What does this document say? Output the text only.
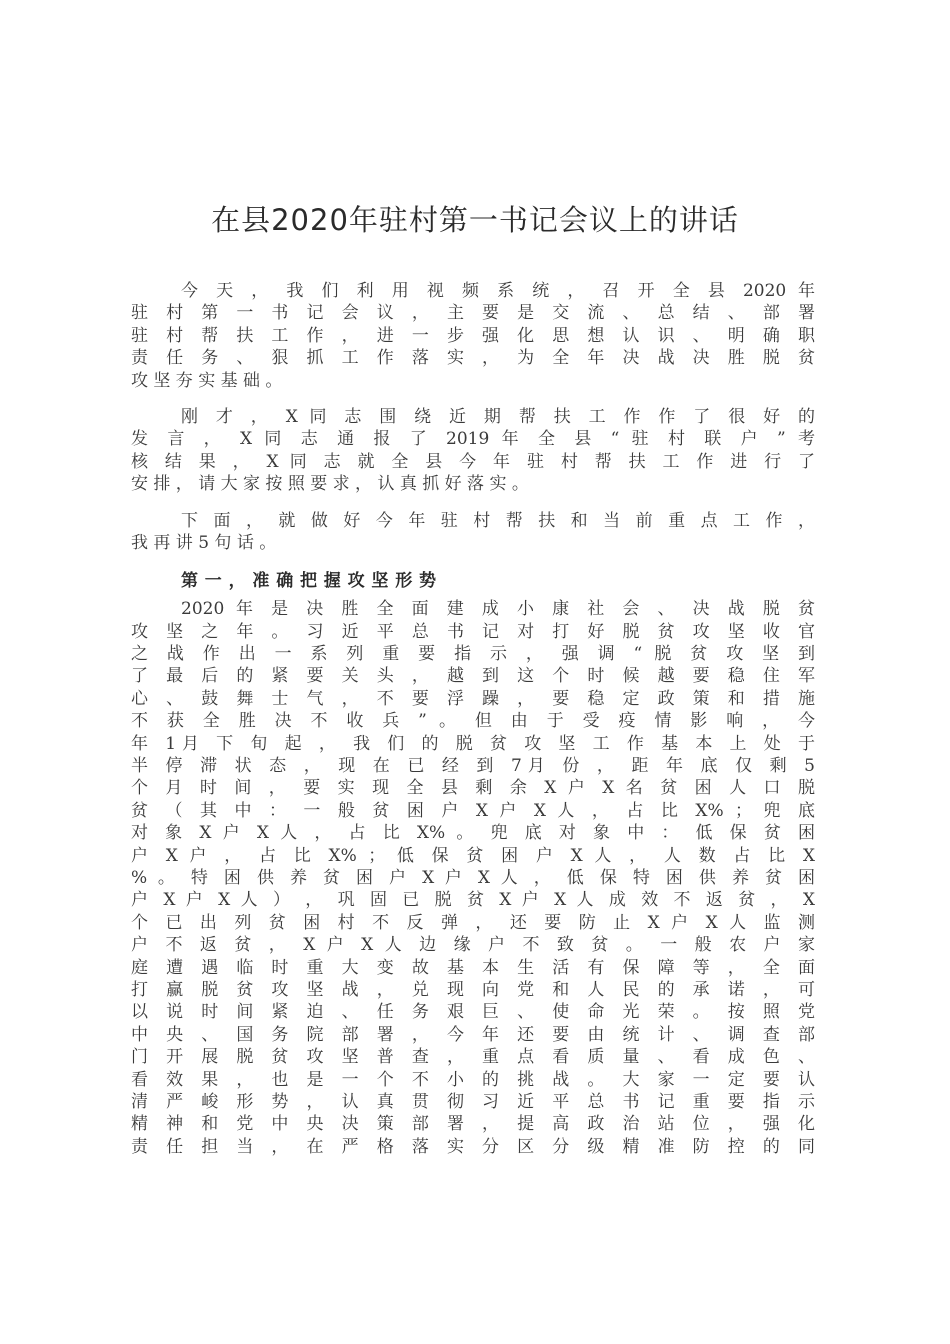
在县2020年驻村第一书记会议上的讲话
今 天 ， 我 们 利 用 视 频 系 统 ， 召 开 全 县 2020 年
驻 村 第 一 书 记 会 议 ， 主 要 是 交 流 、 总 结 、 部 署
驻 村 帮 扶 工 作 ， 进 一 步 强 化 思 想 认 识 、 明 确 职
责 任 务 、 狠 抓 工 作 落 实 ， 为 全 年 决 战 决 胜 脱 贫
攻 坚 夯 实 基 础 。
刚 才 ， X 同 志 围 绕 近 期 帮 扶 工 作 作 了 很 好 的
发 言 ， X 同 志 通 报 了 2019 年 全 县 “ 驻 村 联 户 ” 考
核 结 果 ， X 同 志 就 全 县 今 年 驻 村 帮 扶 工 作 进 行 了
安 排 ， 请 大 家 按 照 要 求 ， 认 真 抓 好 落 实 。
下 面 ， 就 做 好 今 年 驻 村 帮 扶 和 当 前 重 点 工 作 ，
我 再 讲 5 句 话 。
第一，准确把握攻坚形势
2020 年 是 决 胜 全 面 建 成 小 康 社 会 、 决 战 脱 贫
攻 坚 之 年 。 习 近 平 总 书 记 对 打 好 脱 贫 攻 坚 收 官
之 战 作 出 一 系 列 重 要 指 示 ， 强 调 “ 脱 贫 攻 坚 到
了 最 后 的 紧 要 关 头 ， 越 到 这 个 时 候 越 要 稳 住 军
心 、 鼓 舞 士 气 ， 不 要 浮 躁 ， 要 稳 定 政 策 和 措 施
不 获 全 胜 决 不 收 兵 ” 。 但 由 于 受 疫 情 影 响 ， 今
年 1月 下 旬 起 ， 我 们 的 脱 贫 攻 坚 工 作 基 本 上 处 于
半 停 滞 状 态 ， 现 在 已 经 到 7月 份 ， 距 年 底 仅 剩 5
个 月 时 间 ， 要 实 现 全 县 剩 余 X 户 X 名 贫 困 人 口 脱
贫 （ 其 中 ： 一 般 贫 困 户 X 户 X 人 ， 占 比 X% ； 兜 底
对 象 X 户 X 人 ， 占 比 X% 。 兜 底 对 象 中 ： 低 保 贫 困
户 X 户 ， 占 比 X% ； 低 保 贫 困 户 X 人 ， 人 数 占 比 X
% 。 特 困 供 养 贫 困 户 X 户 X 人 ， 低 保 特 困 供 养 贫 困
户 X 户 X 人 ） ， 巩 固 已 脱 贫 X 户 X 人 成 效 不 返 贫 ， X
个 已 出 列 贫 困 村 不 反 弹 ， 还 要 防 止 X 户 X 人 监 测
户 不 返 贫 ， X 户 X 人 边 缘 户 不 致 贫 。 一 般 农 户 家
庭 遭 遇 临 时 重 大 变 故 基 本 生 活 有 保 障 等 ， 全 面
打 赢 脱 贫 攻 坚 战 ， 兑 现 向 党 和 人 民 的 承 诺 ， 可
以 说 时 间 紧 迫 、 任 务 艰 巨 、 使 命 光 荣 。 按 照 党
中 央 、 国 务 院 部 署 ， 今 年 还 要 由 统 计 、 调 查 部
门 开 展 脱 贫 攻 坚 普 查 ， 重 点 看 质 量 、 看 成 色 、
看 效 果 ， 也 是 一 个 不 小 的 挑 战 。 大 家 一 定 要 认
清 严 峻 形 势 ， 认 真 贯 彻 习 近 平 总 书 记 重 要 指 示
精 神 和 党 中 央 决 策 部 署 ， 提 高 政 治 站 位 ， 强 化
责 任 担 当 ， 在 严 格 落 实 分 区 分 级 精 准 防 控 的 同
